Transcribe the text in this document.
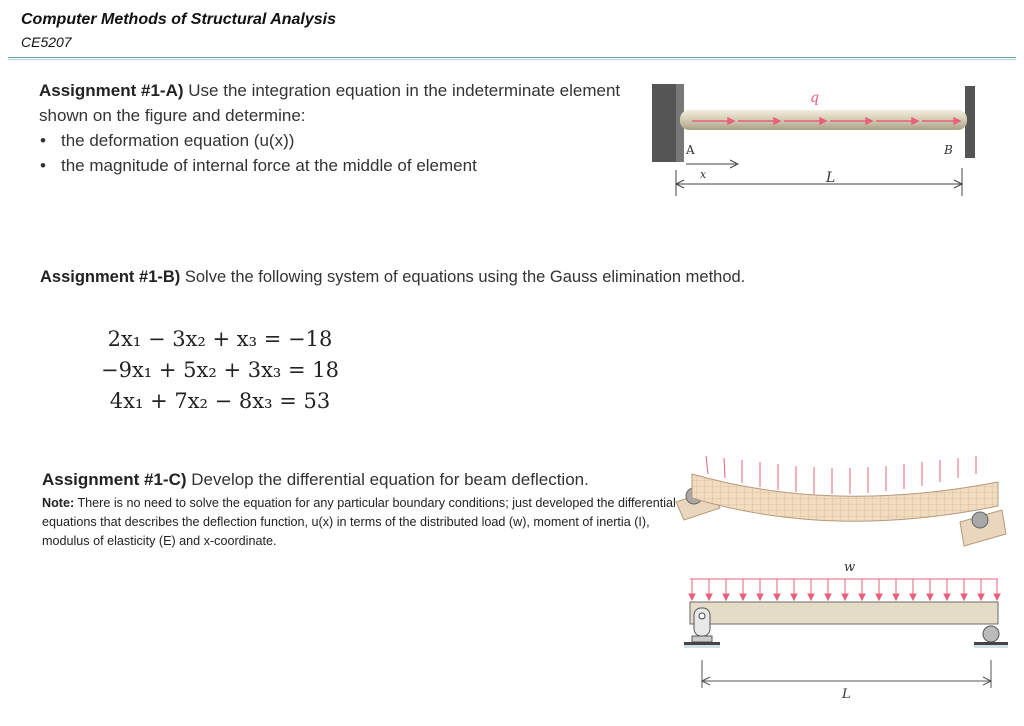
Computer Methods of Structural Analysis
CE5207
Assignment #1-A) Use the integration equation in the indeterminate element shown on the figure and determine:
• the deformation equation (u(x))
• the magnitude of internal force at the middle of element
q
A	B
x	L
Assignment #1-B) Solve the following system of equations using the Gauss elimination method.
2x₁ − 3x₂ + x₃ = −18
−9x₁ + 5x₂ + 3x₃ = 18
4x₁ + 7x₂ − 8x₃ = 53
Assignment #1-C) Develop the differential equation for beam deflection.
Note: There is no need to solve the equation for any particular boundary conditions; just developed the differential equations that describes the deflection function, u(x) in terms of the distributed load (w), moment of inertia (I), modulus of elasticity (E) and x-coordinate.
w
L
